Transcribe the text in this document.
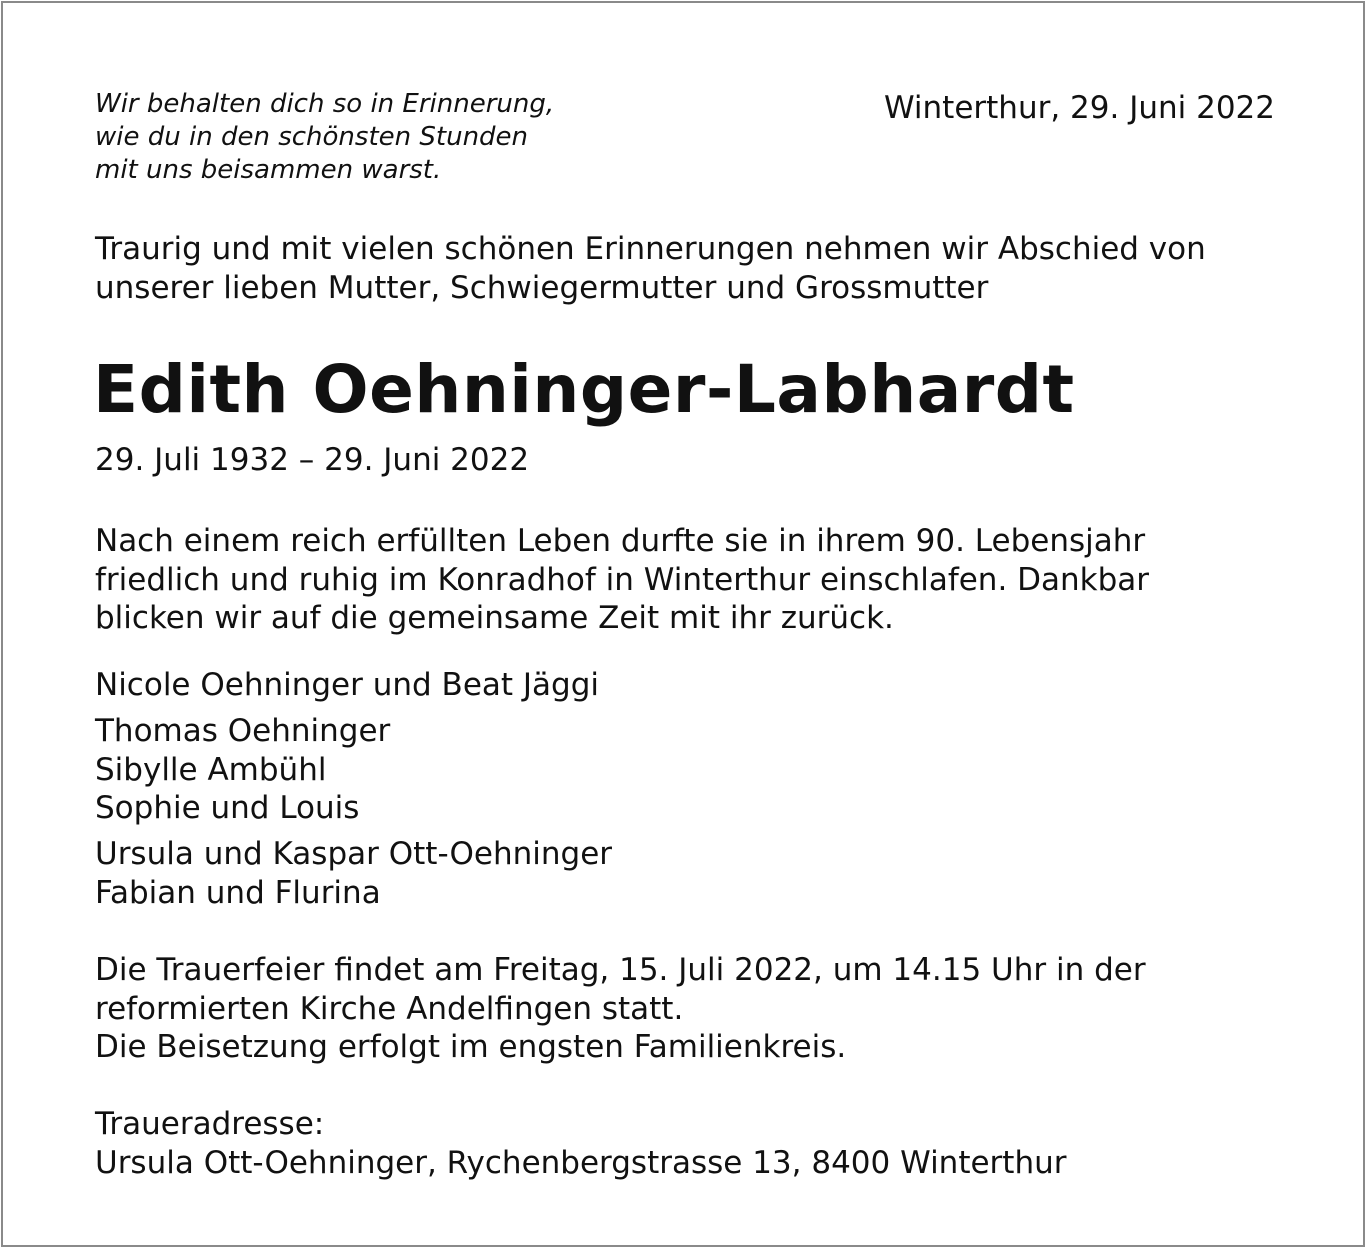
Wir behalten dich so in Erinnerung,
wie du in den schönsten Stunden
mit uns beisammen warst.
Winterthur, 29. Juni 2022
Traurig und mit vielen schönen Erinnerungen nehmen wir Abschied von
unserer lieben Mutter, Schwiegermutter und Grossmutter
Edith Oehninger-Labhardt
29. Juli 1932 – 29. Juni 2022
Nach einem reich erfüllten Leben durfte sie in ihrem 90. Lebensjahr
friedlich und ruhig im Konradhof in Winterthur einschlafen. Dankbar
blicken wir auf die gemeinsame Zeit mit ihr zurück.
Nicole Oehninger und Beat Jäggi
Thomas Oehninger
Sibylle Ambühl
Sophie und Louis
Ursula und Kaspar Ott-Oehninger
Fabian und Flurina
Die Trauerfeier findet am Freitag, 15. Juli 2022, um 14.15 Uhr in der
reformierten Kirche Andelfingen statt.
Die Beisetzung erfolgt im engsten Familienkreis.
Traueradresse:
Ursula Ott-Oehninger, Rychenbergstrasse 13, 8400 Winterthur
